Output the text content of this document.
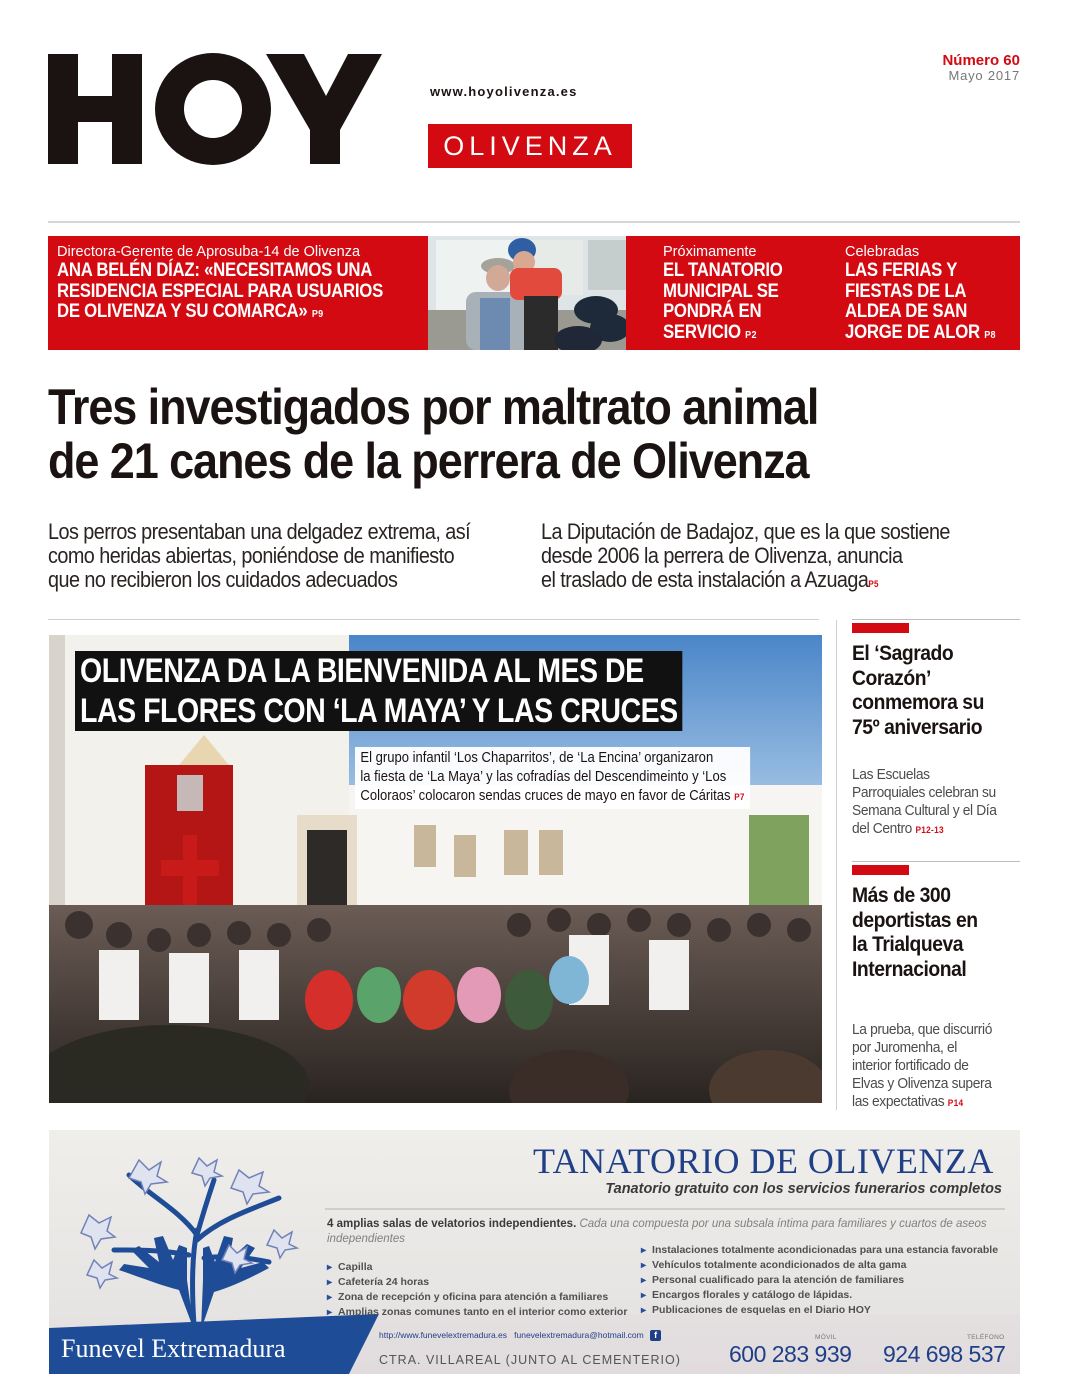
www.hoyolivenza.es
OLIVENZA
Número 60
Mayo 2017
Directora-Gerente de Aprosuba-14 de Olivenza
ANA BELÉN DÍAZ: «NECESITAMOS UNA
RESIDENCIA ESPECIAL PARA USUARIOS
DE OLIVENZA Y SU COMARCA» P9
Próximamente
EL TANATORIO
MUNICIPAL SE
PONDRÁ EN
SERVICIO P2
Celebradas
LAS FERIAS Y
FIESTAS DE LA
ALDEA DE SAN
JORGE DE ALOR P8
Tres investigados por maltrato animal
de 21 canes de la perrera de Olivenza
Los perros presentaban una delgadez extrema, así
como heridas abiertas, poniéndose de manifiesto
que no recibieron los cuidados adecuados
La Diputación de Badajoz, que es la que sostiene
desde 2006 la perrera de Olivenza, anuncia
el traslado de esta instalación a AzuagaP5
OLIVENZA DA LA BIENVENIDA AL MES DE
LAS FLORES CON ‘LA MAYA’ Y LAS CRUCES
El grupo infantil ‘Los Chaparritos’, de ‘La Encina’ organizaron
la fiesta de ‘La Maya’ y las cofradías del Descendimeinto y ‘Los
Coloraos’ colocaron sendas cruces de mayo en favor de Cáritas P7
El ‘Sagrado
Corazón’
conmemora su
75º aniversario
Las Escuelas
Parroquiales celebran su
Semana Cultural y el Día
del Centro P12-13
Más de 300
deportistas en
la Trialqueva
Internacional
La prueba, que discurrió
por Juromenha, el
interior fortificado de
Elvas y Olivenza supera
las expectativas P14
TANATORIO DE OLIVENZA
Tanatorio gratuito con los servicios funerarios completos
4 amplias salas de velatorios independientes. Cada una compuesta por una subsala íntima para familiares y cuartos de aseos independientes
▸ Capilla
▸ Cafetería 24 horas
▸ Zona de recepción y oficina para atención a familiares
▸ Amplias zonas comunes tanto en el interior como exterior
▸ Instalaciones totalmente acondicionadas para una estancia favorable
▸ Vehículos totalmente acondicionados de alta gama
▸ Personal cualificado para la atención de familiares
▸ Encargos florales y catálogo de lápidas.
▸ Publicaciones de esquelas en el Diario HOY
Funevel Extremadura	http://www.funevelextremadura.es funevelextremadura@hotmail.com f
CTRA. VILLAREAL (JUNTO AL CEMENTERIO)
MÓVIL
600 283 939
TELÉFONO
924 698 537
